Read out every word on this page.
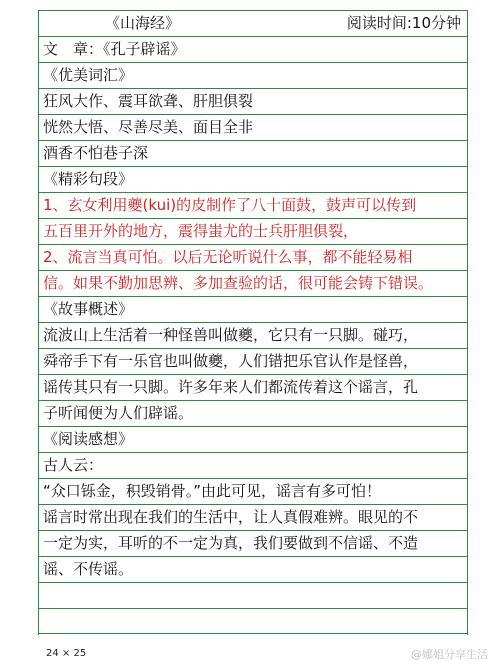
《山海经》	阅读时间:10分钟
文　章：《孔子辟谣》
《优美词汇》
狂风大作、震耳欲聋、肝胆俱裂
恍然大悟、尽善尽美、面目全非
酒香不怕巷子深
《精彩句段》
1、玄女利用夔(kui)的皮制作了八十面鼓，鼓声可以传到
五百里开外的地方，震得蚩尤的士兵肝胆俱裂，
2、流言当真可怕。以后无论听说什么事，都不能轻易相
信。如果不勤加思辨、多加查验的话，很可能会铸下错误。
《故事概述》
流波山上生活着一种怪兽叫做夔，它只有一只脚。碰巧，
舜帝手下有一乐官也叫做夔，人们错把乐官认作是怪兽，
谣传其只有一只脚。许多年来人们都流传着这个谣言，孔
子听闻便为人们辟谣。
《阅读感想》
古人云：
“众口铄金，积毁销骨。”由此可见，谣言有多可怕！
谣言时常出现在我们的生活中，让人真假难辨。眼见的不
一定为实，耳听的不一定为真，我们要做到不信谣、不造
谣、不传谣。
24 × 25	@娜姐分享生活
